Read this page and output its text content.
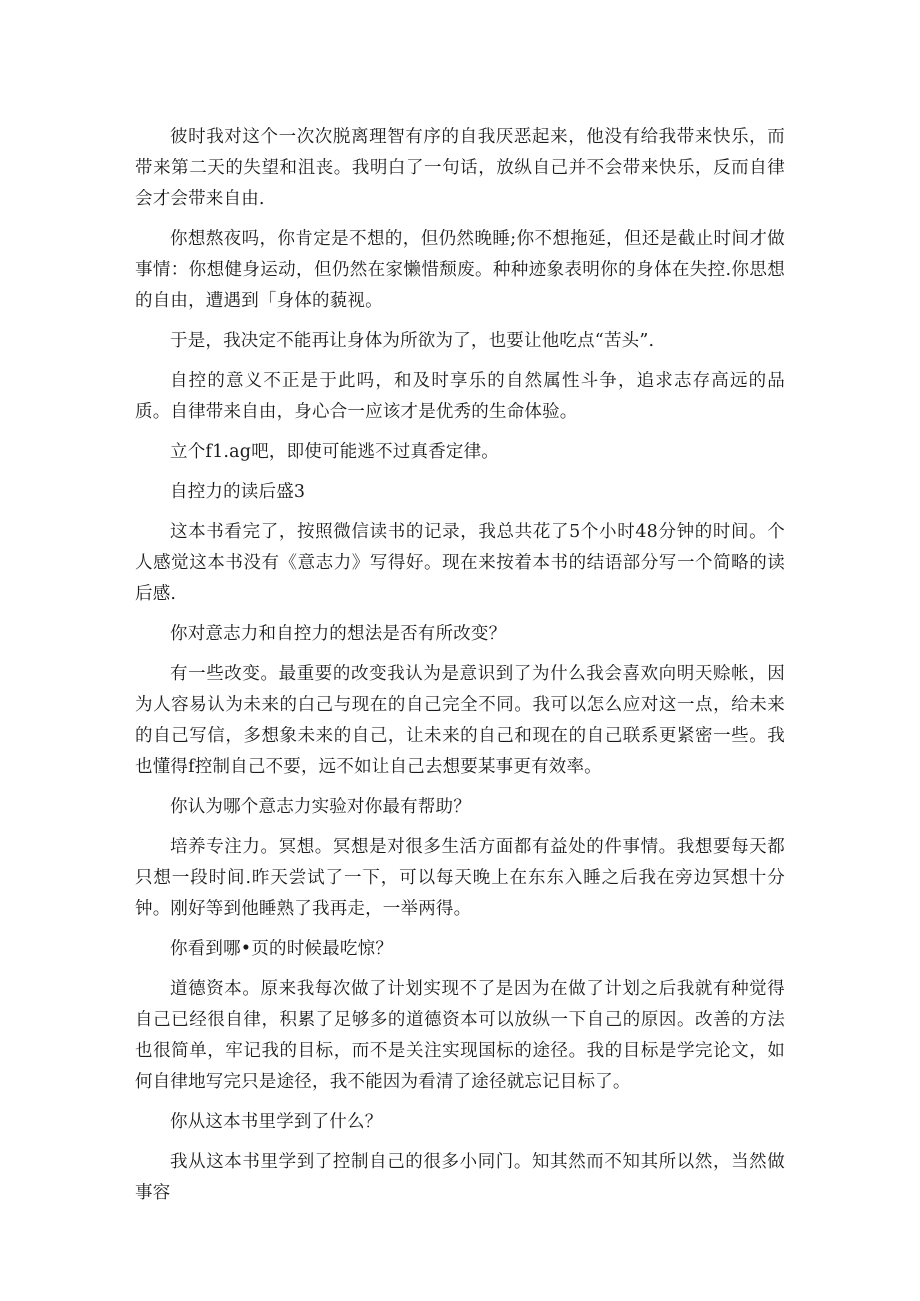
彼时我对这个一次次脱离理智有序的自我厌恶起来，他没有给我带来快乐，而带来第二天的失望和沮丧。我明白了一句话，放纵自己并不会带来快乐，反而自律会才会带来自由.

你想熬夜吗，你肯定是不想的，但仍然晚睡;你不想拖延，但还是截止时间才做事情：你想健身运动，但仍然在家懒惜颓废。种种迹象表明你的身体在失控.你思想的自由，遭遇到「身体的藐视。

于是，我决定不能再让身体为所欲为了，也要让他吃点“苦头”.

自控的意义不正是于此吗，和及时享乐的自然属性斗争，追求志存高远的品质。自律带来自由，身心合一应该才是优秀的生命体验。

立个f1.ag吧，即使可能逃不过真香定律。

自控力的读后盛3

这本书看完了，按照微信读书的记录，我总共花了5个小时48分钟的时间。个人感觉这本书没有《意志力》写得好。现在来按着本书的结语部分写一个简略的读后感.

你对意志力和自控力的想法是否有所改变？

有一些改变。最重要的改变我认为是意识到了为什么我会喜欢向明天赊帐，因为人容易认为未来的白己与现在的自己完全不同。我可以怎么应对这一点，给未来的自己写信，多想象未来的自己，让未来的自己和现在的自己联系更紧密一些。我也懂得f控制自己不要，远不如让自己去想要某事更有效率。

你认为哪个意志力实验对你最有帮助？

培养专注力。冥想。冥想是对很多生活方面都有益处的件事情。我想要每天都只想一段时间.昨天尝试了一下，可以每天晚上在东东入睡之后我在旁边冥想十分钟。刚好等到他睡熟了我再走，一举两得。

你看到哪•页的时候最吃惊？

道德资本。原来我每次做了计划实现不了是因为在做了计划之后我就有种觉得自己已经很自律，积累了足够多的道德资本可以放纵一下自己的原因。改善的方法也很简单，牢记我的目标，而不是关注实现国标的途径。我的目标是学完论文，如何自律地写完只是途径，我不能因为看清了途径就忘记目标了。

你从这本书里学到了什么？

我从这本书里学到了控制自己的很多小同门。知其然而不知其所以然，当然做事容
